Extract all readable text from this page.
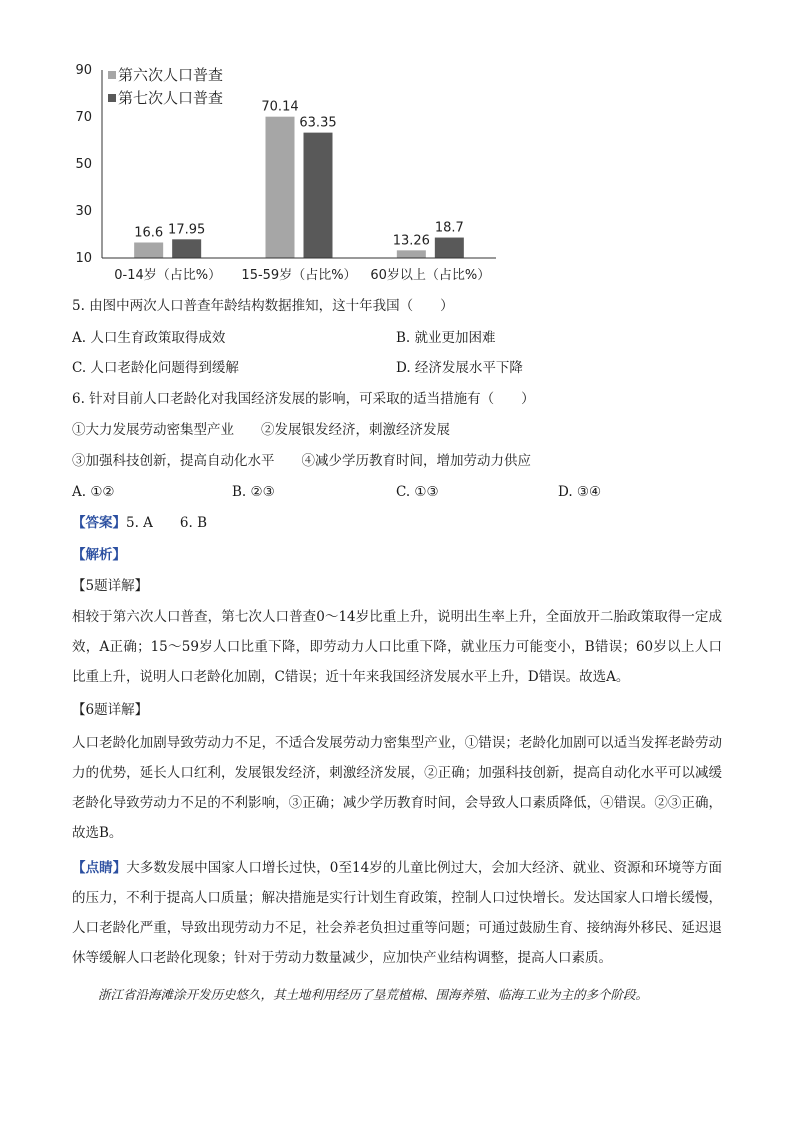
90
70
50
30
10
16.6 17.95
70.14
63.35
13.26
18.7
0-14岁（占比%） 15-59岁（占比%） 60岁以上（占比%）
第六次人口普查
第七次人口普查
5. 由图中两次人口普查年龄结构数据推知，这十年我国（　　）
A. 人口生育政策取得成效	B. 就业更加困难
C. 人口老龄化问题得到缓解	D. 经济发展水平下降
6. 针对目前人口老龄化对我国经济发展的影响，可采取的适当措施有（　　）
①大力发展劳动密集型产业　　②发展银发经济，刺激经济发展
③加强科技创新，提高自动化水平　　④减少学历教育时间，增加劳动力供应
A. ①②	B. ②③	C. ①③	D. ③④
【答案】5. A　　6. B
【解析】
【5题详解】
相较于第六次人口普查，第七次人口普查0～14岁比重上升，说明出生率上升，全面放开二胎政策取得一定成效，A正确；15～59岁人口比重下降，即劳动力人口比重下降，就业压力可能变小，B错误；60岁以上人口比重上升，说明人口老龄化加剧，C错误；近十年来我国经济发展水平上升，D错误。故选A。
【6题详解】
人口老龄化加剧导致劳动力不足，不适合发展劳动力密集型产业，①错误；老龄化加剧可以适当发挥老龄劳动力的优势，延长人口红利，发展银发经济，刺激经济发展，②正确；加强科技创新，提高自动化水平可以减缓老龄化导致劳动力不足的不利影响，③正确；减少学历教育时间，会导致人口素质降低，④错误。②③正确，故选B。
【点睛】大多数发展中国家人口增长过快，0至14岁的儿童比例过大，会加大经济、就业、资源和环境等方面的压力，不利于提高人口质量；解决措施是实行计划生育政策，控制人口过快增长。发达国家人口增长缓慢，人口老龄化严重，导致出现劳动力不足，社会养老负担过重等问题；可通过鼓励生育、接纳海外移民、延迟退休等缓解人口老龄化现象；针对于劳动力数量减少，应加快产业结构调整，提高人口素质。
浙江省沿海滩涂开发历史悠久，其土地利用经历了垦荒植棉、围海养殖、临海工业为主的多个阶段。
